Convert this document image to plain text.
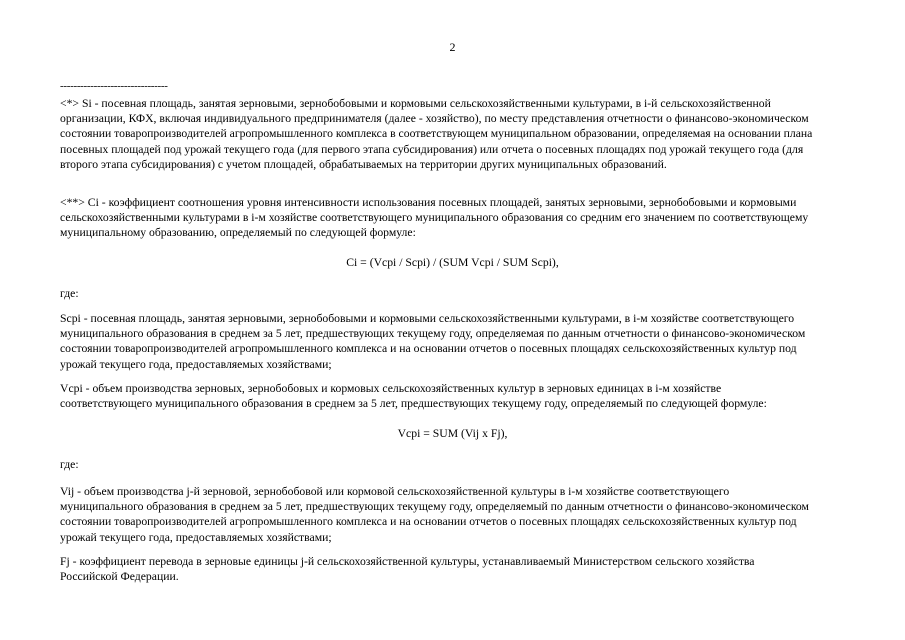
2
--------------------------------
<*> Si - посевная площадь, занятая зерновыми, зернобобовыми и кормовыми сельскохозяйственными культурами, в i-й сельскохозяйственной
организации, КФХ, включая индивидуального предпринимателя (далее - хозяйство), по месту представления отчетности о финансово-экономическом
состоянии товаропроизводителей агропромышленного комплекса в соответствующем муниципальном образовании, определяемая на основании плана
посевных площадей под урожай текущего года (для первого этапа субсидирования) или отчета о посевных площадях под урожай текущего года (для
второго этапа субсидирования) с учетом площадей, обрабатываемых на территории других муниципальных образований.
<**> Ci - коэффициент соотношения уровня интенсивности использования посевных площадей, занятых зерновыми, зернобобовыми и кормовыми
сельскохозяйственными культурами в i-м хозяйстве соответствующего муниципального образования со средним его значением по соответствующему
муниципальному образованию, определяемый по следующей формуле:
Ci = (Vcpi / Scpi) / (SUM Vcpi / SUM Scpi),
где:
Scpi - посевная площадь, занятая зерновыми, зернобобовыми и кормовыми сельскохозяйственными культурами, в i-м хозяйстве соответствующего
муниципального образования в среднем за 5 лет, предшествующих текущему году, определяемая по данным отчетности о финансово-экономическом
состоянии товаропроизводителей агропромышленного комплекса и на основании отчетов о посевных площадях сельскохозяйственных культур под
урожай текущего года, предоставляемых хозяйствами;
Vcpi - объем производства зерновых, зернобобовых и кормовых сельскохозяйственных культур в зерновых единицах в i-м хозяйстве
соответствующего муниципального образования в среднем за 5 лет, предшествующих текущему году, определяемый по следующей формуле:
Vcpi = SUM (Vij x Fj),
где:
Vij - объем производства j-й зерновой, зернобобовой или кормовой сельскохозяйственной культуры в i-м хозяйстве соответствующего
муниципального образования в среднем за 5 лет, предшествующих текущему году, определяемый по данным отчетности о финансово-экономическом
состоянии товаропроизводителей агропромышленного комплекса и на основании отчетов о посевных площадях сельскохозяйственных культур под
урожай текущего года, предоставляемых хозяйствами;
Fj - коэффициент перевода в зерновые единицы j-й сельскохозяйственной культуры, устанавливаемый Министерством сельского хозяйства
Российской Федерации.
